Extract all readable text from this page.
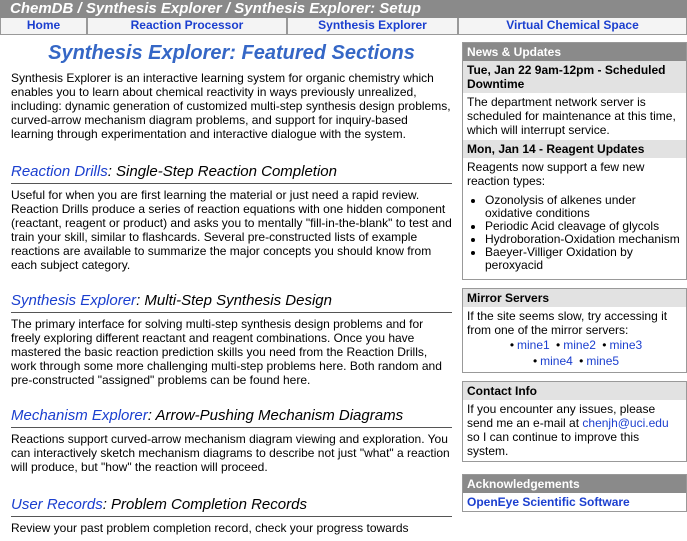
ChemDB / Synthesis Explorer / Synthesis Explorer: Setup
Home	Reaction Processor	Synthesis Explorer	Virtual Chemical Space
Synthesis Explorer: Featured Sections

Synthesis Explorer is an interactive learning system for organic chemistry which enables you to learn about chemical reactivity in ways previously unrealized, including: dynamic generation of customized multi-step synthesis design problems, curved-arrow mechanism diagram problems, and support for inquiry-based learning through experimentation and interactive dialogue with the system.

Reaction Drills: Single-Step Reaction Completion

Useful for when you are first learning the material or just need a rapid review. Reaction Drills produce a series of reaction equations with one hidden component (reactant, reagent or product) and asks you to mentally "fill-in-the-blank" to test and train your skill, similar to flashcards. Several pre-constructed lists of example reactions are available to summarize the major concepts you should know from each subject category.

Synthesis Explorer: Multi-Step Synthesis Design

The primary interface for solving multi-step synthesis design problems and for freely exploring different reactant and reagent combinations. Once you have mastered the basic reaction prediction skills you need from the Reaction Drills, work through some more challenging multi-step problems here. Both random and pre-constructed "assigned" problems can be found here.

Mechanism Explorer: Arrow-Pushing Mechanism Diagrams

Reactions support curved-arrow mechanism diagram viewing and exploration. You can interactively sketch mechanism diagrams to describe not just "what" a reaction will produce, but "how" the reaction will proceed.

User Records: Problem Completion Records

Review your past problem completion record, check your progress towards

News & Updates
Tue, Jan 22 9am-12pm - Scheduled Downtime
The department network server is scheduled for maintenance at this time, which will interrupt service.
Mon, Jan 14 - Reagent Updates
Reagents now support a few new reaction types:
• Ozonolysis of alkenes under oxidative conditions
• Periodic Acid cleavage of glycols
• Hydroboration-Oxidation mechanism
• Baeyer-Villiger Oxidation by peroxyacid
Mirror Servers
If the site seems slow, try accessing it from one of the mirror servers:
• mine1 • mine2 • mine3
• mine4 • mine5
Contact Info
If you encounter any issues, please send me an e-mail at chenjh@uci.edu so I can continue to improve this system.
Acknowledgements
OpenEye Scientific Software
